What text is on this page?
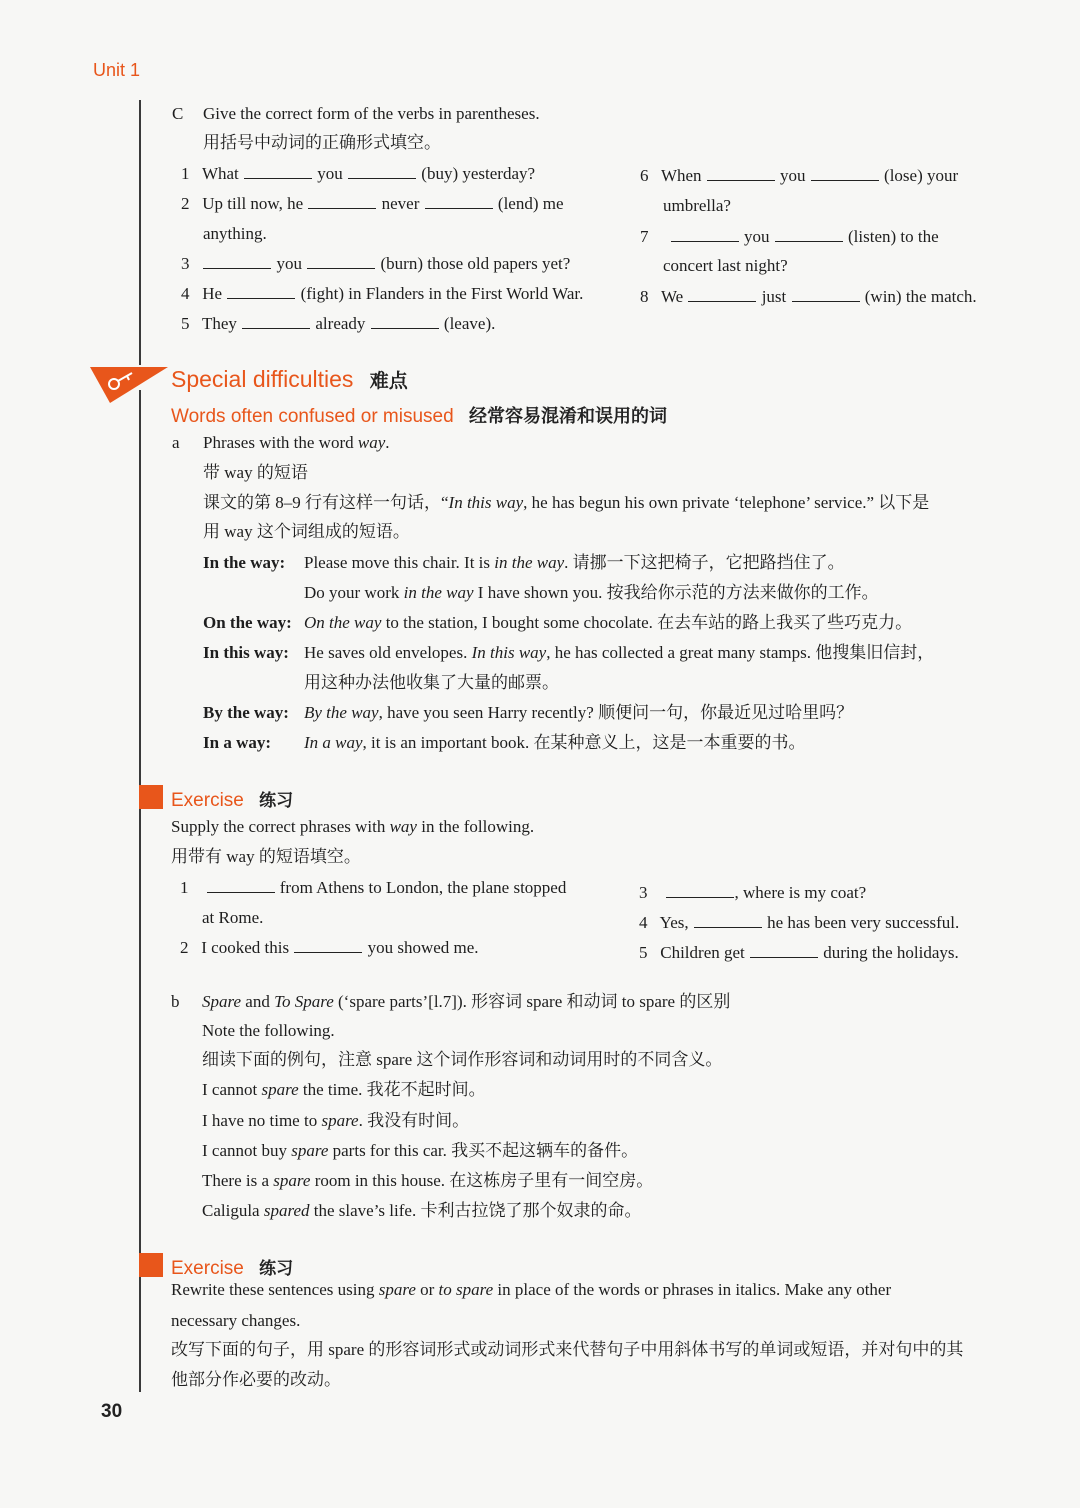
Unit 1
C Give the correct form of the verbs in parentheses.
用括号中动词的正确形式填空。
1 What	you	(buy) yesterday?
2 Up till now, he	never	(lend) me
anything.
3	you	(burn) those old papers yet?
4 He	(fight) in Flanders in the First World War.
5 They	already	(leave).
6 When	you	(lose) your
umbrella?
7	you	(listen) to the
concert last night?
8 We	just	(win) the match.
Special difficulties 难点
Words often confused or misused 经常容易混淆和误用的词
a Phrases with the word way.
带 way 的短语
课文的第 8–9 行有这样一句话，“In this way, he has begun his own private ‘telephone’ service.” 以下是
用 way 这个词组成的短语。
In the way: Please move this chair. It is in the way. 请挪一下这把椅子，它把路挡住了。
Do your work in the way I have shown you. 按我给你示范的方法来做你的工作。
On the way: On the way to the station, I bought some chocolate. 在去车站的路上我买了些巧克力。
In this way: He saves old envelopes. In this way, he has collected a great many stamps. 他搜集旧信封，
用这种办法他收集了大量的邮票。
By the way: By the way, have you seen Harry recently? 顺便问一句，你最近见过哈里吗？
In a way: In a way, it is an important book. 在某种意义上，这是一本重要的书。
Exercise 练习
Supply the correct phrases with way in the following.
用带有 way 的短语填空。
1	from Athens to London, the plane stopped
at Rome.
2 I cooked this	you showed me.
3	, where is my coat?
4 Yes,	he has been very successful.
5 Children get	during the holidays.
b Spare and To Spare (‘spare parts’[l.7]). 形容词 spare 和动词 to spare 的区别
Note the following.
细读下面的例句，注意 spare 这个词作形容词和动词用时的不同含义。
I cannot spare the time. 我花不起时间。
I have no time to spare. 我没有时间。
I cannot buy spare parts for this car. 我买不起这辆车的备件。
There is a spare room in this house. 在这栋房子里有一间空房。
Caligula spared the slave’s life. 卡利古拉饶了那个奴隶的命。
Exercise 练习
Rewrite these sentences using spare or to spare in place of the words or phrases in italics. Make any other
necessary changes.
改写下面的句子，用 spare 的形容词形式或动词形式来代替句子中用斜体书写的单词或短语，并对句中的其
他部分作必要的改动。
30
